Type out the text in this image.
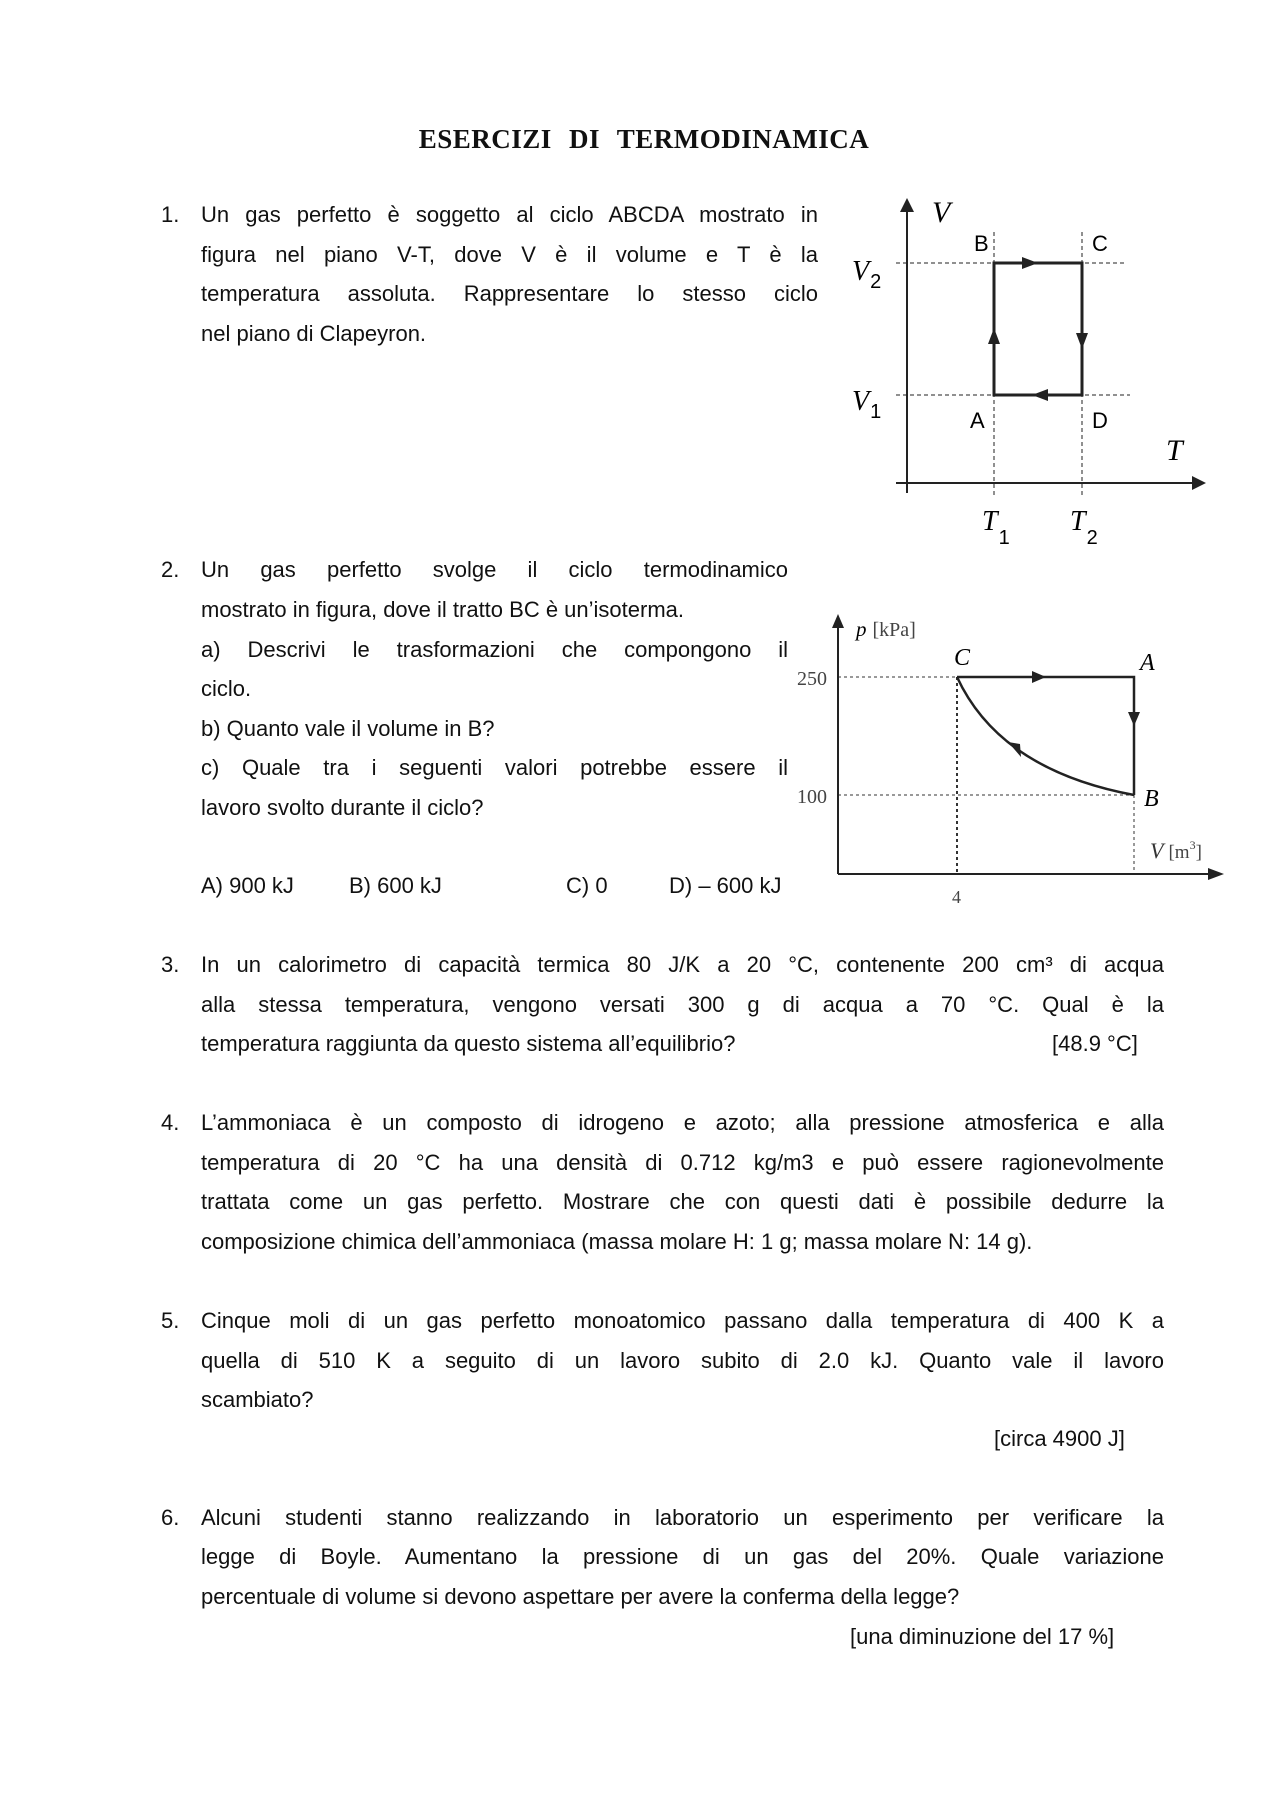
ESERCIZI DI TERMODINAMICA
1. Un gas perfetto è soggetto al ciclo ABCDA mostrato in
figura nel piano V-T, dove V è il volume e T è la
temperatura assoluta. Rappresentare lo stesso ciclo
nel piano di Clapeyron.
2. Un gas perfetto svolge il ciclo termodinamico
mostrato in figura, dove il tratto BC è un’isoterma.
a) Descrivi le trasformazioni che compongono il
ciclo.
b) Quanto vale il volume in B?
c) Quale tra i seguenti valori potrebbe essere il
lavoro svolto durante il ciclo?
A) 900 kJ	B) 600 kJ	C) 0	D) – 600 kJ
3. In un calorimetro di capacità termica 80 J/K a 20 °C, contenente 200 cm³ di acqua
alla stessa temperatura, vengono versati 300 g di acqua a 70 °C. Qual è la
temperatura raggiunta da questo sistema all’equilibrio?	[48.9 °C]
4. L’ammoniaca è un composto di idrogeno e azoto; alla pressione atmosferica e alla
temperatura di 20 °C ha una densità di 0.712 kg/m3 e può essere ragionevolmente
trattata come un gas perfetto. Mostrare che con questi dati è possibile dedurre la
composizione chimica dell’ammoniaca (massa molare H: 1 g; massa molare N: 14 g).
5. Cinque moli di un gas perfetto monoatomico passano dalla temperatura di 400 K a
quella di 510 K a seguito di un lavoro subito di 2.0 kJ. Quanto vale il lavoro
scambiato?
[circa 4900 J]
6. Alcuni studenti stanno realizzando in laboratorio un esperimento per verificare la
legge di Boyle. Aumentano la pressione di un gas del 20%. Quale variazione
percentuale di volume si devono aspettare per avere la conferma della legge?
[una diminuzione del 17 %]
V
T
$V_2$
$V_1$
$T_1$
$T_2$
B	C
A	D
p [kPa]
C	A
B
250
100
4
V $[m^3]$
